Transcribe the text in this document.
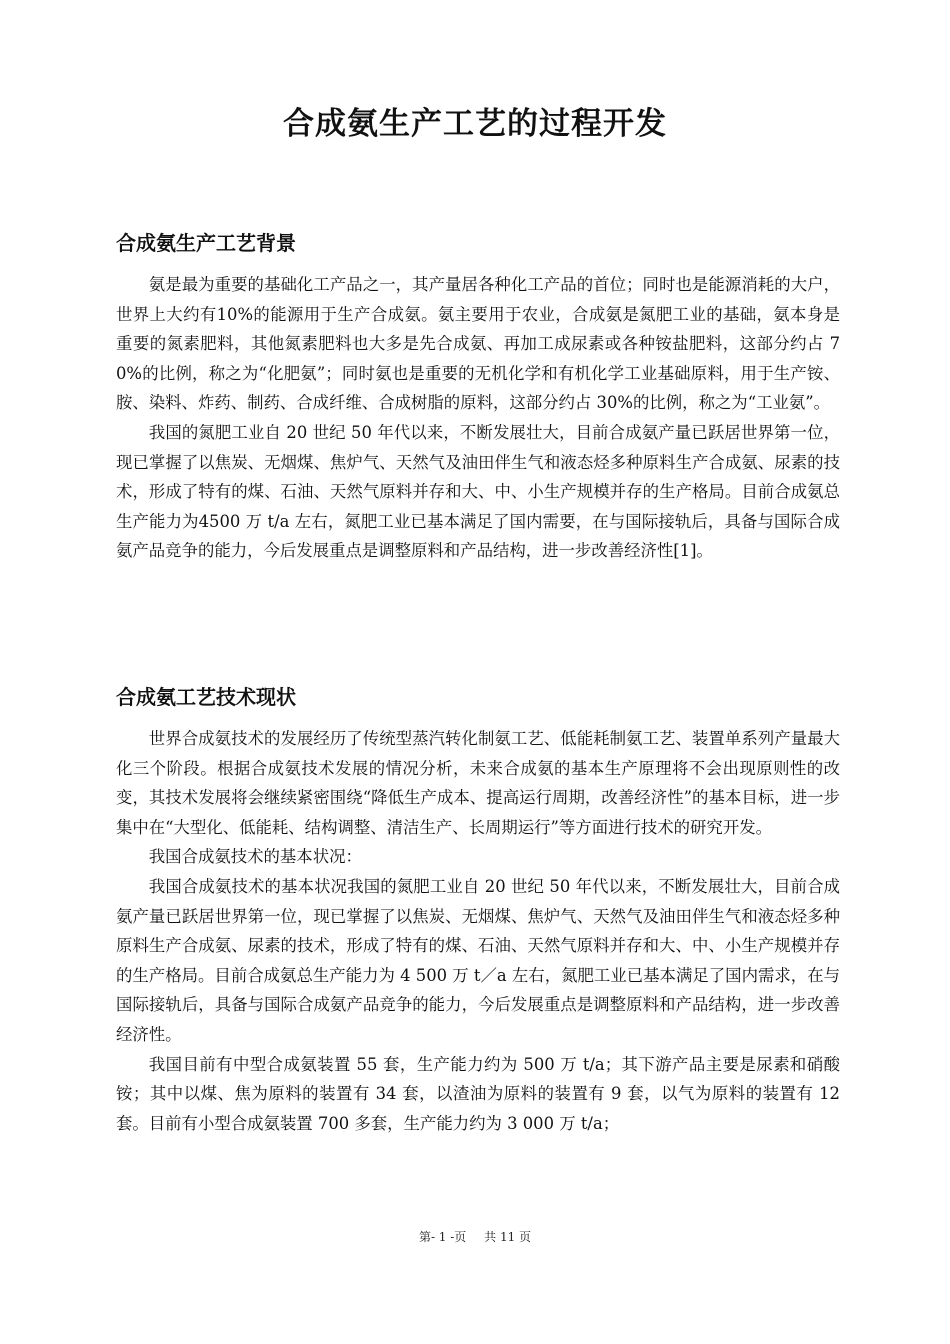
合成氨生产工艺的过程开发
合成氨生产工艺背景

氨是最为重要的基础化工产品之一，其产量居各种化工产品的首位；同时也是能源消耗的大户，世界上大约有10%的能源用于生产合成氨。氨主要用于农业，合成氨是氮肥工业的基础，氨本身是重要的氮素肥料，其他氮素肥料也大多是先合成氨、再加工成尿素或各种铵盐肥料，这部分约占 70%的比例，称之为“化肥氨”；同时氨也是重要的无机化学和有机化学工业基础原料，用于生产铵、胺、染料、炸药、制药、合成纤维、合成树脂的原料，这部分约占 30%的比例，称之为“工业氨”。

我国的氮肥工业自 20 世纪 50 年代以来，不断发展壮大，目前合成氨产量已跃居世界第一位，现已掌握了以焦炭、无烟煤、焦炉气、天然气及油田伴生气和液态烃多种原料生产合成氨、尿素的技术，形成了特有的煤、石油、天然气原料并存和大、中、小生产规模并存的生产格局。目前合成氨总生产能力为4500 万 t/a 左右，氮肥工业已基本满足了国内需要，在与国际接轨后，具备与国际合成氨产品竞争的能力，今后发展重点是调整原料和产品结构，进一步改善经济性[1]。

合成氨工艺技术现状

世界合成氨技术的发展经历了传统型蒸汽转化制氨工艺、低能耗制氨工艺、装置单系列产量最大化三个阶段。根据合成氨技术发展的情况分析，未来合成氨的基本生产原理将不会出现原则性的改变，其技术发展将会继续紧密围绕“降低生产成本、提高运行周期，改善经济性”的基本目标，进一步集中在“大型化、低能耗、结构调整、清洁生产、长周期运行”等方面进行技术的研究开发。

我国合成氨技术的基本状况：

我国合成氨技术的基本状况我国的氮肥工业自 20 世纪 50 年代以来，不断发展壮大，目前合成氨产量已跃居世界第一位，现已掌握了以焦炭、无烟煤、焦炉气、天然气及油田伴生气和液态烃多种原料生产合成氨、尿素的技术，形成了特有的煤、石油、天然气原料并存和大、中、小生产规模并存的生产格局。目前合成氨总生产能力为 4 500 万 t／a 左右，氮肥工业已基本满足了国内需求，在与国际接轨后，具备与国际合成氨产品竞争的能力，今后发展重点是调整原料和产品结构，进一步改善经济性。

我国目前有中型合成氨装置 55 套，生产能力约为 500 万 t/a；其下游产品主要是尿素和硝酸铵；其中以煤、焦为原料的装置有 34 套，以渣油为原料的装置有 9 套，以气为原料的装置有 12 套。目前有小型合成氨装置 700 多套，生产能力约为 3 000 万 t/a；

第- 1 -页 共 11 页
